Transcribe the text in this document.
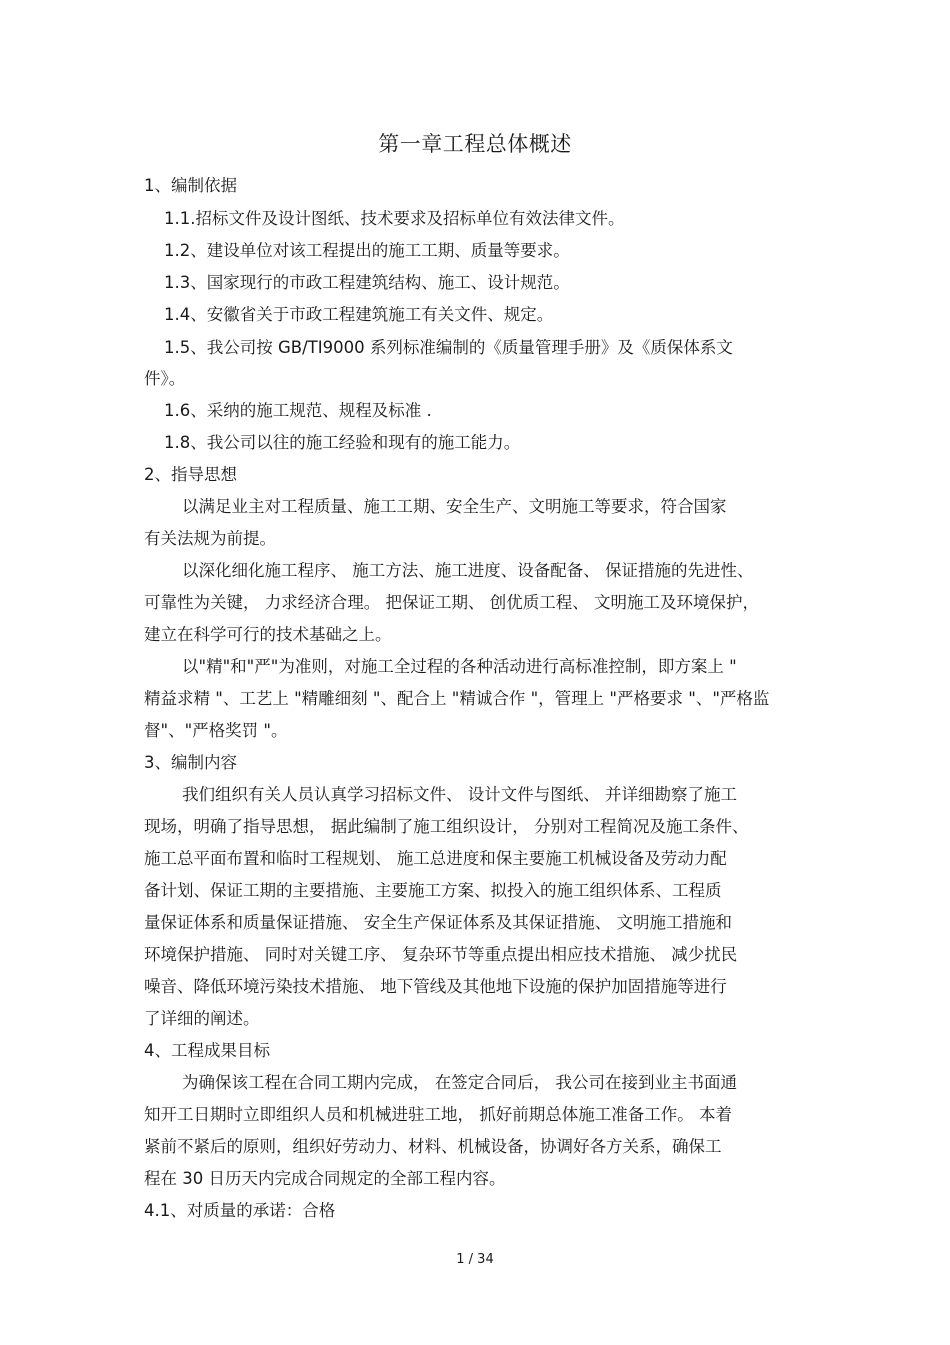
第一章工程总体概述
1、编制依据
1.1.招标文件及设计图纸、技术要求及招标单位有效法律文件。
1.2、建设单位对该工程提出的施工工期、质量等要求。
1.3、国家现行的市政工程建筑结构、施工、设计规范。
1.4、安徽省关于市政工程建筑施工有关文件、规定。
1.5、我公司按 GB/TI9000 系列标准编制的《质量管理手册》及《质保体系文
件》。
1.6、采纳的施工规范、规程及标准 .
1.8、我公司以往的施工经验和现有的施工能力。
2、指导思想
以满足业主对工程质量、施工工期、安全生产、文明施工等要求，符合国家
有关法规为前提。
以深化细化施工程序、 施工方法、施工进度、设备配备、 保证措施的先进性、
可靠性为关键， 力求经济合理。 把保证工期、 创优质工程、 文明施工及环境保护，
建立在科学可行的技术基础之上。
以"精"和"严"为准则，对施工全过程的各种活动进行高标准控制，即方案上 "
精益求精 "、工艺上 "精雕细刻 "、配合上 "精诚合作 "，管理上 "严格要求 "、"严格监
督"、"严格奖罚 "。
3、编制内容
我们组织有关人员认真学习招标文件、 设计文件与图纸、 并详细勘察了施工
现场，明确了指导思想， 据此编制了施工组织设计， 分别对工程简况及施工条件、
施工总平面布置和临时工程规划、 施工总进度和保主要施工机械设备及劳动力配
备计划、保证工期的主要措施、主要施工方案、拟投入的施工组织体系、工程质
量保证体系和质量保证措施、 安全生产保证体系及其保证措施、 文明施工措施和
环境保护措施、 同时对关键工序、 复杂环节等重点提出相应技术措施、 减少扰民
噪音、降低环境污染技术措施、 地下管线及其他地下设施的保护加固措施等进行
了详细的阐述。
4、工程成果目标
为确保该工程在合同工期内完成， 在签定合同后， 我公司在接到业主书面通
知开工日期时立即组织人员和机械进驻工地， 抓好前期总体施工准备工作。 本着
紧前不紧后的原则，组织好劳动力、材料、机械设备，协调好各方关系，确保工
程在 30 日历天内完成合同规定的全部工程内容。
4.1、对质量的承诺：合格
1 / 34
